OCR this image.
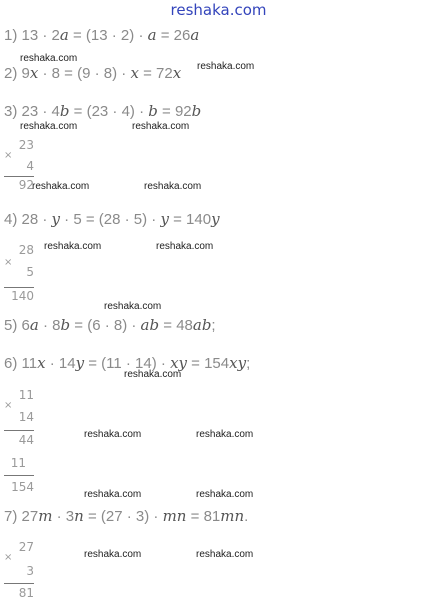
reshaka.com
1) 13 · 2a = (13 · 2) · a = 26a
reshaka.com
2) 9x · 8 = (9 · 8) · x = 72x reshaka.com
3) 23 · 4b = (23 · 4) · b = 92b
reshaka.com	reshaka.com
23
×
4
92
reshaka.com	reshaka.com
4) 28 · y · 5 = (28 · 5) · y = 140y
28
×
5
140
reshaka.com	reshaka.com
reshaka.com
5) 6a · 8b = (6 · 8) · ab = 48ab;
6) 11x · 14y = (11 · 14) · xy = 154xy;
reshaka.com
11
×
14
44
11
154
reshaka.com	reshaka.com
reshaka.com	reshaka.com
7) 27m · 3n = (27 · 3) · mn = 81mn.
27
×
3
81
reshaka.com	reshaka.com
